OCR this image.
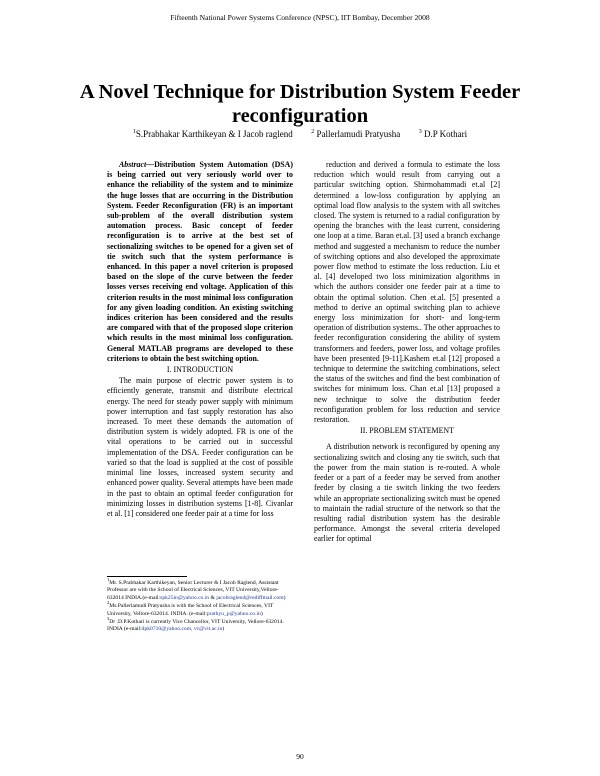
Fifteenth National Power Systems Conference (NPSC), IIT Bombay, December 2008
A Novel Technique for Distribution System Feeder reconfiguration
$^1$S.Prabhakar Karthikeyan & I Jacob raglend	$^2$ Pallerlamudi Pratyusha	$^3$ D.P Kothari

Abstract—Distribution System Automation (DSA) is being carried out very seriously world over to enhance the reliability of the system and to minimize the huge losses that are occurring in the Distribution System. Feeder Reconfiguration (FR) is an important sub-problem of the overall distribution system automation process. Basic concept of feeder reconfiguration is to arrive at the best set of sectionalizing switches to be opened for a given set of tie switch such that the system performance is enhanced. In this paper a novel criterion is proposed based on the slope of the curve between the feeder losses verses receiving end voltage. Application of this criterion results in the most minimal loss configuration for any given loading condition. An existing switching indices criterion has been considered and the results are compared with that of the proposed slope criterion which results in the most minimal loss configuration. General MATLAB programs are developed to these criterions to obtain the best switching option.

I. INTRODUCTION

The main purpose of electric power system is to efficiently generate, transmit and distribute electrical energy. The need for steady power supply with minimum power interruption and fast supply restoration has also increased. To meet these demands the automation of distribution system is widely adopted. FR is one of the vital operations to be carried out in successful implementation of the DSA. Feeder configuration can be varied so that the load is supplied at the cost of possible minimal line losses, increased system security and enhanced power quality. Several attempts have been made in the past to obtain an optimal feeder configuration for minimizing losses in distribution systems [1-8]. Civanlar et al. [1] considered one feeder pair at a time for loss

reduction and derived a formula to estimate the loss reduction which would result from carrying out a particular switching option. Shirmohammadi et.al [2] determined a low-loss configuration by applying an optimal load flow analysis to the system with all switches closed. The system is returned to a radial configuration by opening the branches with the least current, considering one loop at a time. Baran et.al. [3] used a branch exchange method and suggested a mechanism to reduce the number of switching options and also developed the approximate power flow method to estimate the loss reduction. Liu et al. [4] developed two loss minimization algorithms in which the authors consider one feeder pair at a time to obtain the optimal solution. Chen et.al. [5] presented a method to derive an optimal switching plan to achieve energy loss minimization for short- and long-term operation of distribution systems.. The other approaches to feeder reconfiguration considering the ability of system transformers and feeders, power loss, and voltage profiles have been presented [9-11].Kashem et.al [12] proposed a technique to determine the switching combinations, select the status of the switches and find the best combination of switches for minimum loss. Chan et.al [13] proposed a new technique to solve the distribution feeder reconfiguration problem for loss reduction and service restoration.

II. PROBLEM STATEMENT

A distribution network is reconfigured by opening any sectionalizing switch and closing any tie switch, such that the power from the main station is re-routed. A whole feeder or a part of a feeder may be served from another feeder by closing a tie switch linking the two feeders while an appropriate sectionalizing switch must be opened to maintain the radial structure of the network so that the resulting radial distribution system has the desirable performance. Amongst the several criteria developed earlier for optimal

$^1$Mr. S.Prabhakar Karthikeyan, Senior Lecturer & I Jacob Raglend, Assistant Professor are with the School of Electrical Sciences, VIT University,Vellore-632014 INDIA.(e-mail:spk25in@yahoo.co.in & jacobraglend@rediffmail.com)
$^2$Ms.Pallerlamudi Pratyusha is with the School of Electrical Sciences, VIT University, Vellore-632014. INDIA. (e-mail:prathyu_p@yahoo.co.in)
$^3$Dr .D.P.Kothari is currently Vice Chancellor, VIT University, Vellore-632014. INDIA (e-mail:dpk0710@yahoo.com, vc@vit.ac.in)
90
